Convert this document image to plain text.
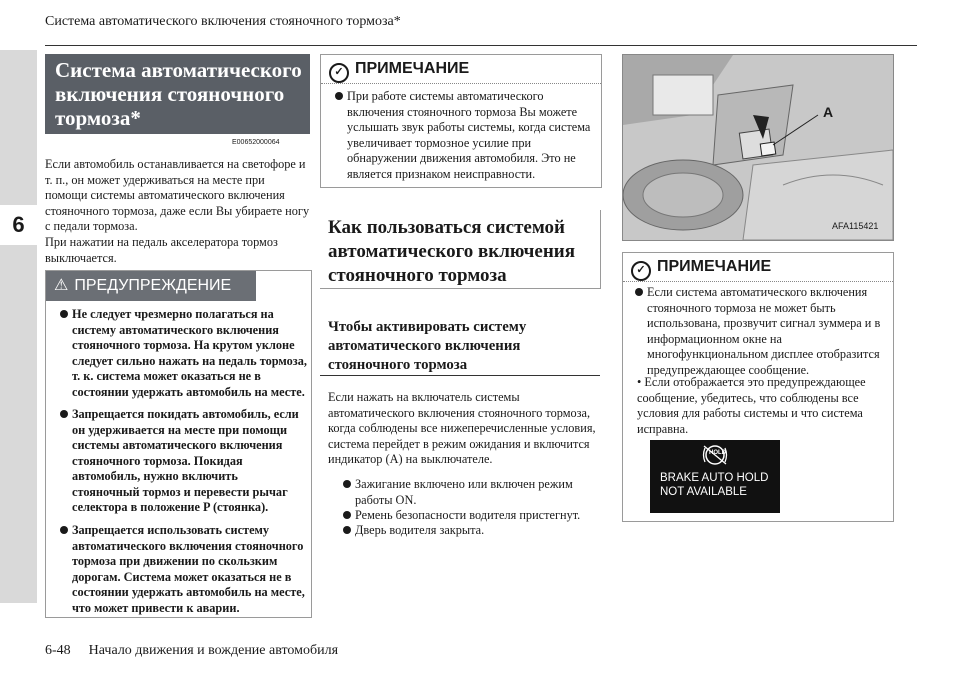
6
Система автоматического включения стояночного тормоза*
Система автоматического включения стояночного тормоза*
E00652000064
Если автомобиль останавливается на светофоре и т. п., он может удерживаться на месте при помощи системы автоматического включения стояночного тормоза, даже если Вы убираете ногу с педали тормоза.
При нажатии на педаль акселератора тормоз выключается.
⚠ ПРЕДУПРЕЖДЕНИЕ
Не следует чрезмерно полагаться на систему автоматического включения стояночного тормоза. На крутом уклоне следует сильно нажать на педаль тормоза, т. к. система может оказаться не в состоянии удержать автомобиль на месте.
Запрещается покидать автомобиль, если он удерживается на месте при помощи системы автоматического включения стояночного тормоза. Покидая автомобиль, нужно включить стояночный тормоз и перевести рычаг селектора в положение P (стоянка).
Запрещается использовать систему автоматического включения стояночного тормоза при движении по скользким дорогам. Система может оказаться не в состоянии удержать автомобиль на месте, что может привести к аварии.
✓ ПРИМЕЧАНИЕ
При работе системы автоматического включения стояночного тормоза Вы можете услышать звук работы системы, когда система увеличивает тормозное усилие при обнаружении движения автомобиля. Это не является признаком неисправности.
Как пользоваться системой автоматического включения стояночного тормоза
Чтобы активировать систему автоматического включения стояночного тормоза
Если нажать на включатель системы автоматического включения стояночного тормоза, когда соблюдены все нижеперечисленные условия, система перейдет в режим ожидания и включится индикатор (A) на выключателе.
Зажигание включено или включен режим работы ON.
Ремень безопасности водителя пристегнут.
Дверь водителя закрыта.
A
AFA115421
✓ ПРИМЕЧАНИЕ
Если система автоматического включения стояночного тормоза не может быть использована, прозвучит сигнал зуммера и в информационном окне на многофункциональном дисплее отобразится предупреждающее сообщение.
• Если отображается это предупреждающее сообщение, убедитесь, что соблюдены все условия для работы системы и что система исправна.
HOLD
BRAKE AUTO HOLD
NOT AVAILABLE
6-48 Начало движения и вождение автомобиля
